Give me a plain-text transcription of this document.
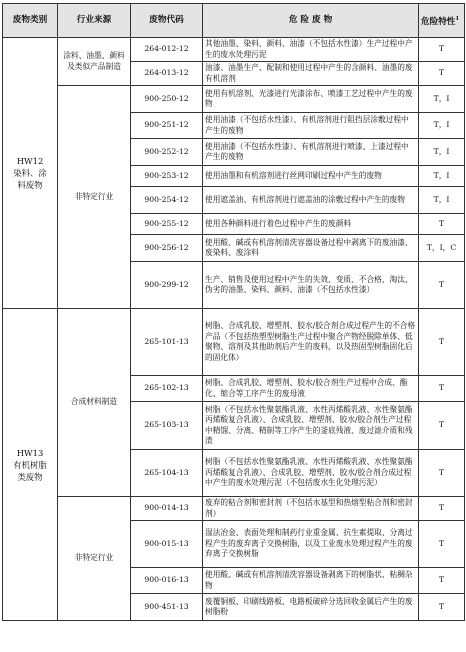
废物类别	行业来源	废物代码	危 险 废 物	危险特性$^1$
HW12
染料、涂
料废物	涂料、油墨、颜料及类似产品制造	264-012-12	其他油墨、染料、颜料、油漆（不包括水性漆）生产过程中产生的废水处理污泥	T
		264-013-12	油漆、油墨生产、配制和使用过程中产生的含颜料、油墨的废有机溶剂	T
	非特定行业	900-250-12	使用有机溶剂、光漆进行光漆涂布、喷漆工艺过程中产生的废物	T，I
		900-251-12	使用油漆（不包括水性漆）、有机溶剂进行阻挡层涂敷过程中产生的废物	T，I
		900-252-12	使用油漆（不包括水性漆）、有机溶剂进行喷漆、上漆过程中产生的废物	T，I
		900-253-12	使用油墨和有机溶剂进行丝网印刷过程中产生的废物	T，I
		900-254-12	使用遮盖油、有机溶剂进行遮盖油的涂敷过程中产生的废物	T，I
		900-255-12	使用各种颜料进行着色过程中产生的废颜料	T
		900-256-12	使用酸、碱或有机溶剂清洗容器设备过程中剥离下的废油漆、废染料、废涂料	T，I，C
		900-299-12	生产、销售及使用过程中产生的失效、变质、不合格、淘汰、伪劣的油墨、染料、颜料、油漆（不包括水性漆）	T
HW13
有机树脂
类废物	合成材料制造	265-101-13	树脂、合成乳胶、增塑剂、胶水/胶合剂合成过程产生的不合格产品（不包括热塑型树脂生产过程中聚合产物经脱除单体、低聚物、溶剂及其他助剂后产生的废料，以及热固型树脂固化后的固化体）	T
		265-102-13	树脂、合成乳胶、增塑剂、胶水/胶合剂生产过程中合成、酯化、缩合等工序产生的废母液	T
		265-103-13	树脂（不包括水性聚氨酯乳液、水性丙烯酸乳液、水性聚氨酯丙烯酸复合乳液）、合成乳胶、增塑剂、胶水/胶合剂生产过程中精馏、分离、精制等工序产生的釜底残液、废过滤介质和残渣	T
		265-104-13	树脂（不包括水性聚氨酯乳液、水性丙烯酸乳液、水性聚氨酯丙烯酸复合乳液）、合成乳胶、增塑剂、胶水/胶合剂合成过程中产生的废水处理污泥（不包括废水生化处理污泥）	T
	非特定行业	900-014-13	废弃的粘合剂和密封剂（不包括水基型和热熔型粘合剂和密封剂）	T
		900-015-13	湿法冶金、表面处理和制药行业重金属、抗生素提取、分离过程产生的废弃离子交换树脂，以及工业废水处理过程产生的废弃离子交换树脂	T
		900-016-13	使用酸、碱或有机溶剂清洗容器设备剥离下的树脂状、粘稠杂物	T
		900-451-13	废覆铜板、印刷线路板、电路板破碎分选回收金属后产生的废树脂粉	T
